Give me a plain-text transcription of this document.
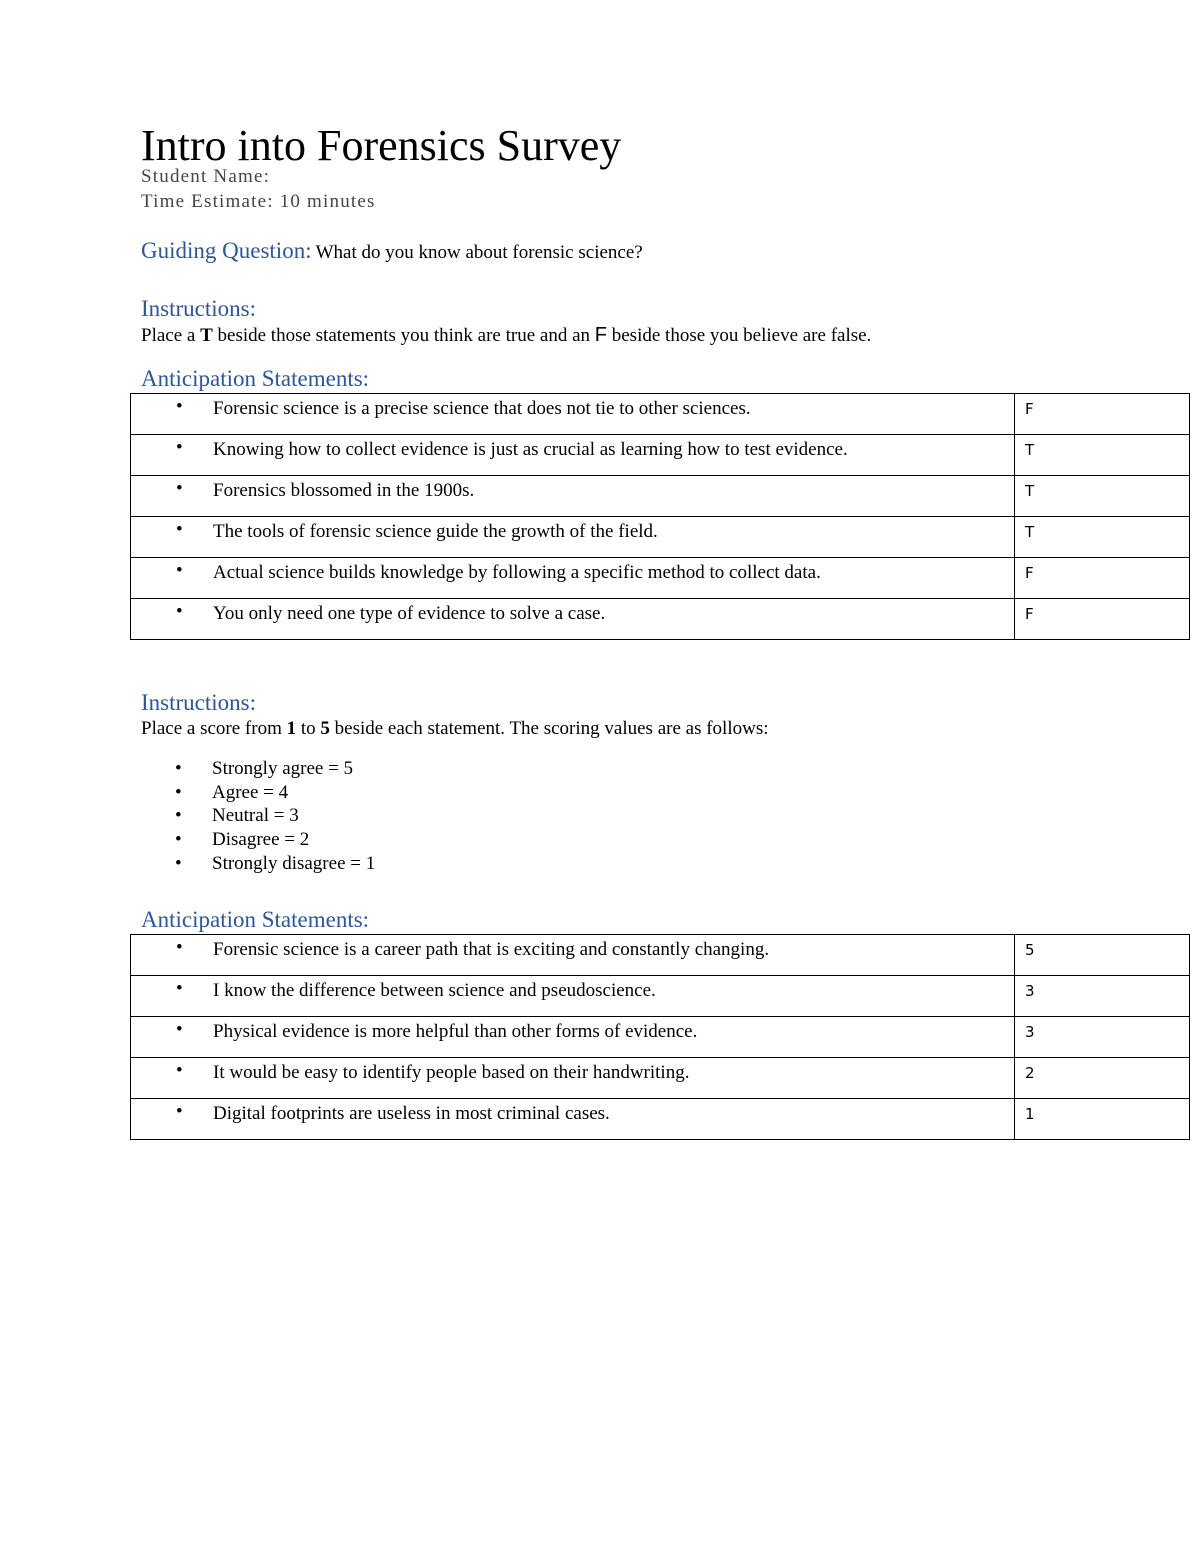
Intro into Forensics Survey
Student Name:
Time Estimate: 10 minutes
Guiding Question: What do you know about forensic science?
Instructions:
Place a T beside those statements you think are true and an F beside those you believe are false.
Anticipation Statements:
• Forensic science is a precise science that does not tie to other sciences.	F

• Knowing how to collect evidence is just as crucial as learning how to test evidence.	T

• Forensics blossomed in the 1900s.	T

• The tools of forensic science guide the growth of the field.	T

• Actual science builds knowledge by following a specific method to collect data.	F

• You only need one type of evidence to solve a case.	F
Instructions:
Place a score from 1 to 5 beside each statement. The scoring values are as follows:
• Strongly agree = 5
• Agree = 4
• Neutral = 3
• Disagree = 2
• Strongly disagree = 1
Anticipation Statements:
• Forensic science is a career path that is exciting and constantly changing.	5

• I know the difference between science and pseudoscience.	3

• Physical evidence is more helpful than other forms of evidence.	3

• It would be easy to identify people based on their handwriting.	2

• Digital footprints are useless in most criminal cases.	1
